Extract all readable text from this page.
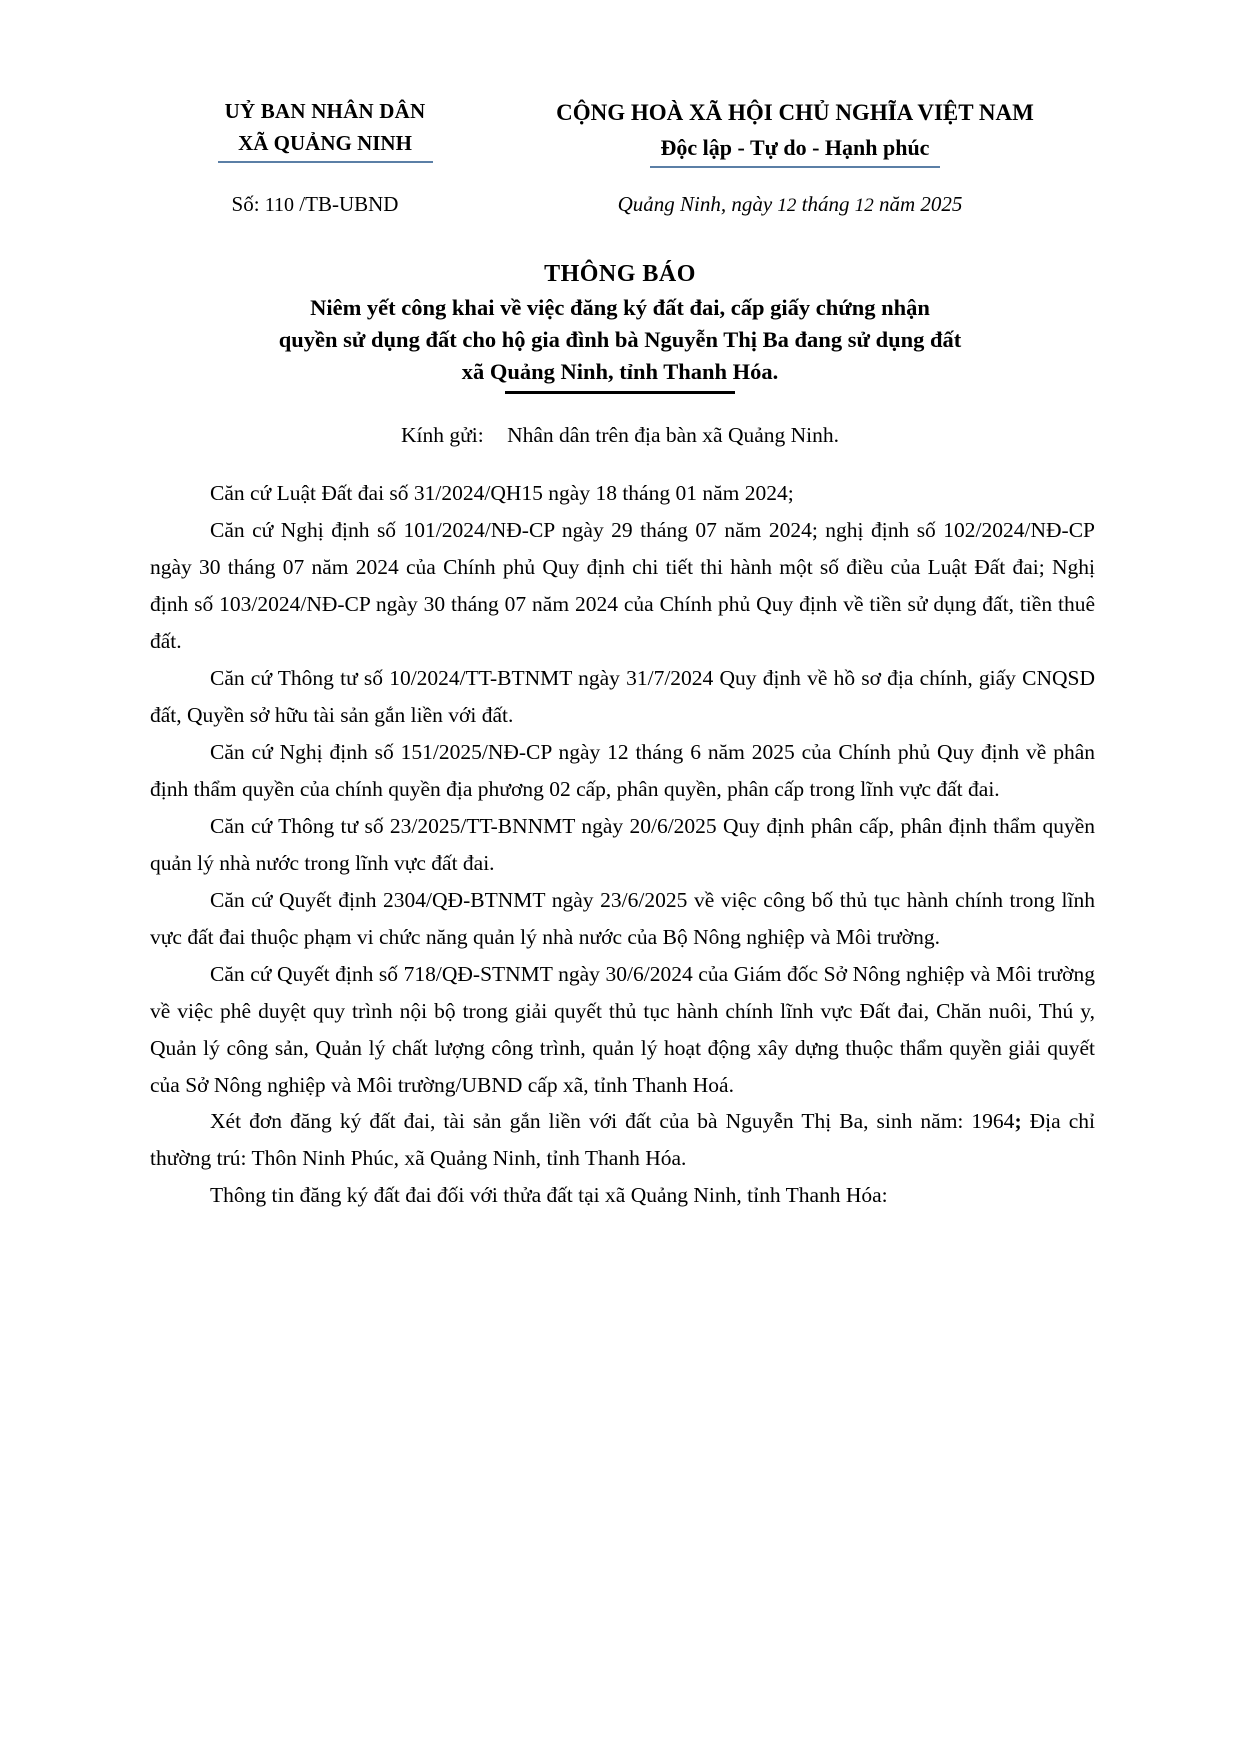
UỶ BAN NHÂN DÂN
XÃ QUẢNG NINH
CỘNG HOÀ XÃ HỘI CHỦ NGHĨA VIỆT NAM
Độc lập - Tự do - Hạnh phúc
Số: 110 /TB-UBND	Quảng Ninh, ngày 12 tháng 12 năm 2025
THÔNG BÁO
Niêm yết công khai về việc đăng ký đất đai, cấp giấy chứng nhận
quyền sử dụng đất cho hộ gia đình bà Nguyễn Thị Ba đang sử dụng đất
xã Quảng Ninh, tỉnh Thanh Hóa.
Kính gửi: Nhân dân trên địa bàn xã Quảng Ninh.

Căn cứ Luật Đất đai số 31/2024/QH15 ngày 18 tháng 01 năm 2024;

Căn cứ Nghị định số 101/2024/NĐ-CP ngày 29 tháng 07 năm 2024; nghị định số 102/2024/NĐ-CP ngày 30 tháng 07 năm 2024 của Chính phủ Quy định chi tiết thi hành một số điều của Luật Đất đai; Nghị định số 103/2024/NĐ-CP ngày 30 tháng 07 năm 2024 của Chính phủ Quy định về tiền sử dụng đất, tiền thuê đất.

Căn cứ Thông tư số 10/2024/TT-BTNMT ngày 31/7/2024 Quy định về hồ sơ địa chính, giấy CNQSD đất, Quyền sở hữu tài sản gắn liền với đất.

Căn cứ Nghị định số 151/2025/NĐ-CP ngày 12 tháng 6 năm 2025 của Chính phủ Quy định về phân định thẩm quyền của chính quyền địa phương 02 cấp, phân quyền, phân cấp trong lĩnh vực đất đai.

Căn cứ Thông tư số 23/2025/TT-BNNMT ngày 20/6/2025 Quy định phân cấp, phân định thẩm quyền quản lý nhà nước trong lĩnh vực đất đai.

Căn cứ Quyết định 2304/QĐ-BTNMT ngày 23/6/2025 về việc công bố thủ tục hành chính trong lĩnh vực đất đai thuộc phạm vi chức năng quản lý nhà nước của Bộ Nông nghiệp và Môi trường.

Căn cứ Quyết định số 718/QĐ-STNMT ngày 30/6/2024 của Giám đốc Sở Nông nghiệp và Môi trường về việc phê duyệt quy trình nội bộ trong giải quyết thủ tục hành chính lĩnh vực Đất đai, Chăn nuôi, Thú y, Quản lý công sản, Quản lý chất lượng công trình, quản lý hoạt động xây dựng thuộc thẩm quyền giải quyết của Sở Nông nghiệp và Môi trường/UBND cấp xã, tỉnh Thanh Hoá.

Xét đơn đăng ký đất đai, tài sản gắn liền với đất của bà Nguyễn Thị Ba, sinh năm: 1964; Địa chỉ thường trú: Thôn Ninh Phúc, xã Quảng Ninh, tỉnh Thanh Hóa.

Thông tin đăng ký đất đai đối với thửa đất tại xã Quảng Ninh, tỉnh Thanh Hóa:
